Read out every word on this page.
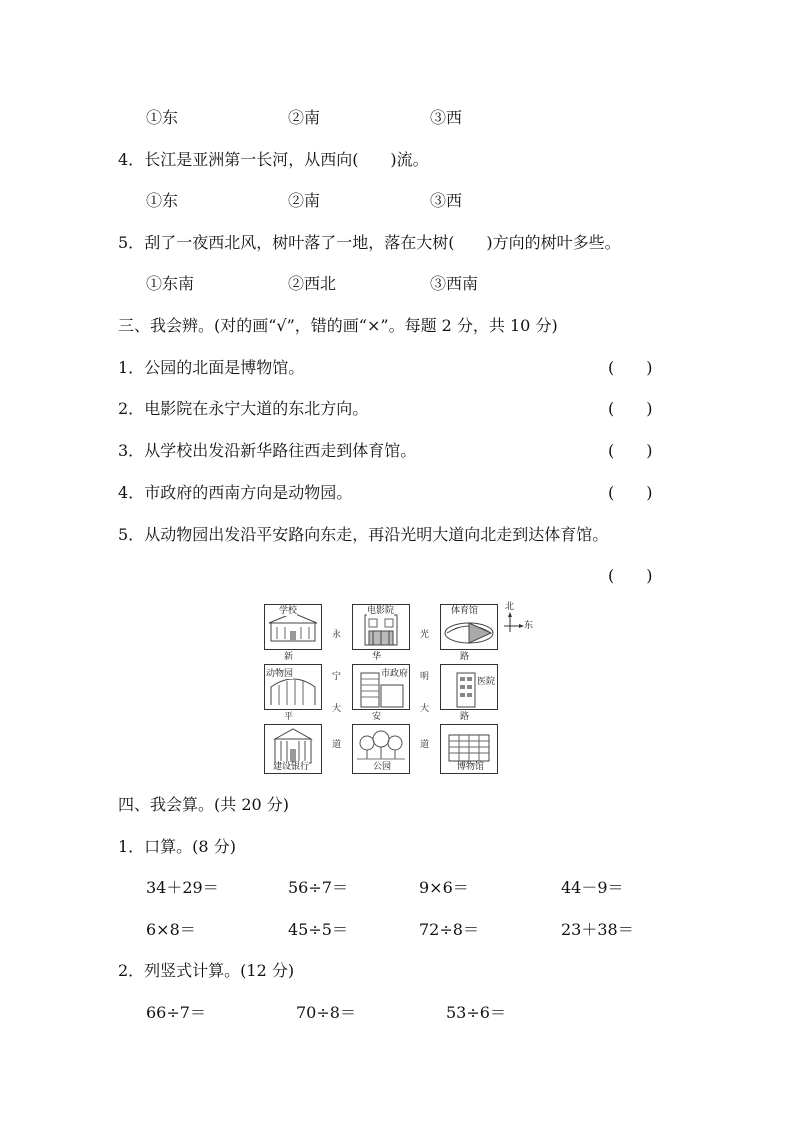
①东	②南	③西
4．长江是亚洲第一长河，从西向(　　)流。
①东	②南	③西
5．刮了一夜西北风，树叶落了一地，落在大树(　　)方向的树叶多些。
①东南	②西北	③西南
三、我会辨。(对的画“√”，错的画“×”。每题 2 分，共 10 分)
1．公园的北面是博物馆。	(　　)
2．电影院在永宁大道的东北方向。	(　　)
3．从学校出发沿新华路往西走到体育馆。	(　　)
4．市政府的西南方向是动物园。	(　　)
5．从动物园出发沿平安路向东走，再沿光明大道向北走到达体育馆。
(　　)
学校	电影院	体育馆
动物园	市政府
医院
建设银行	公园	博物馆
新	华	路
平	安	路
永
宁
大
道
光
明
大
道
北
东
四、我会算。(共 20 分)
1．口算。(8 分)
34＋29＝	56÷7＝	9×6＝	44－9＝
6×8＝	45÷5＝	72÷8＝	23＋38＝
2．列竖式计算。(12 分)
66÷7＝	70÷8＝	53÷6＝
